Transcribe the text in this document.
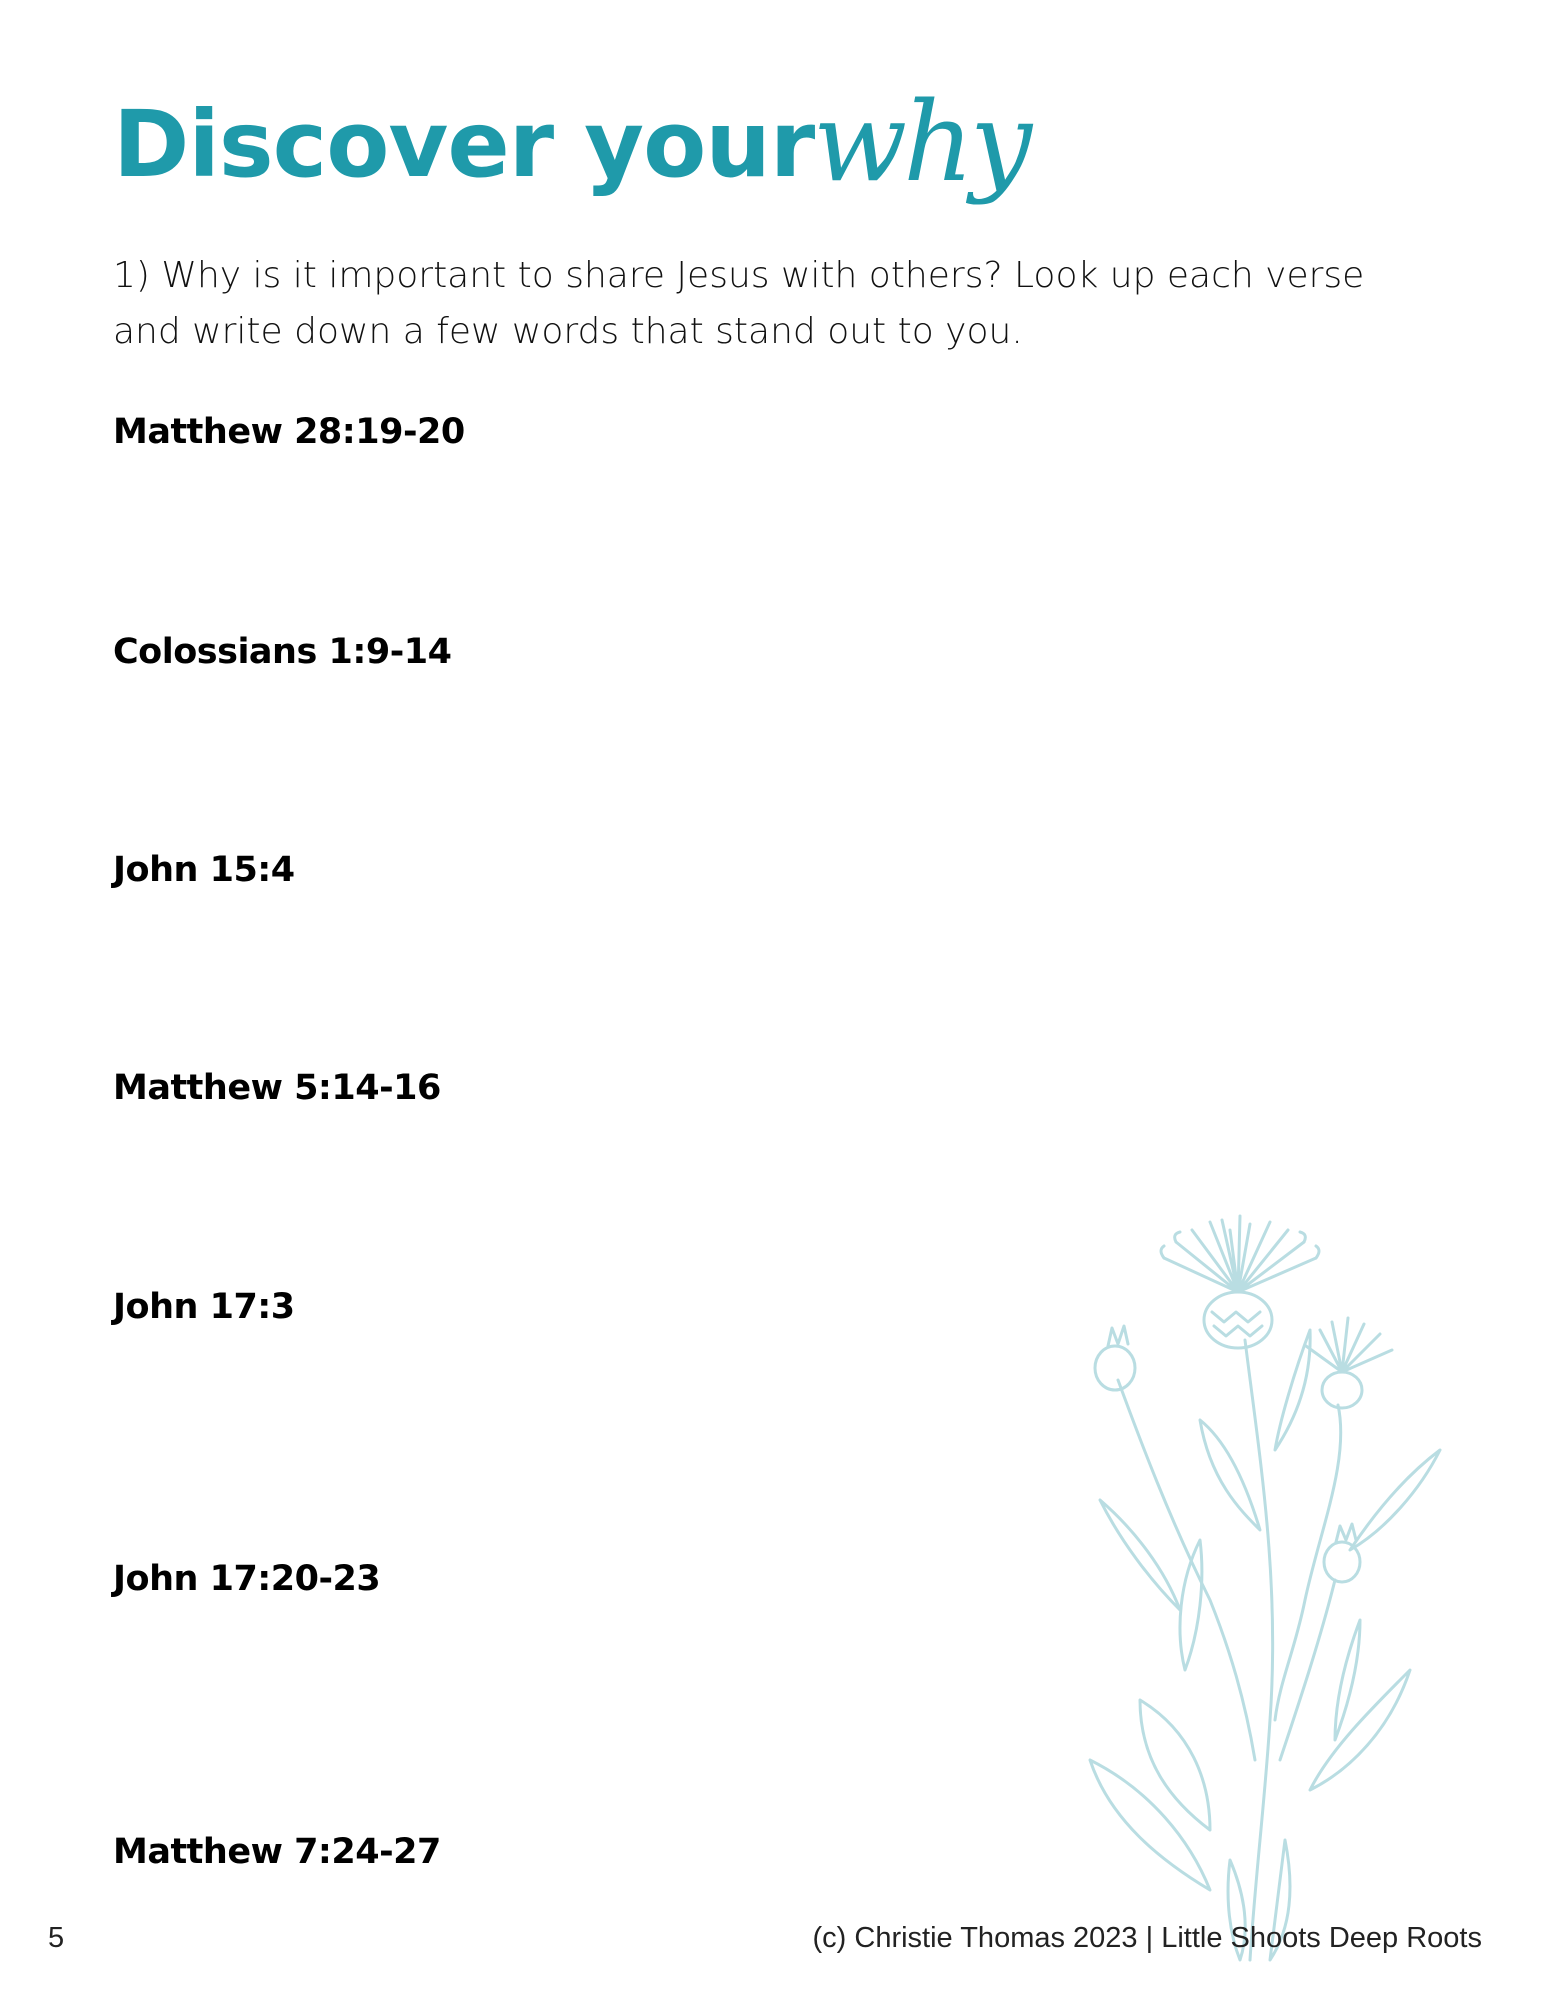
Discover your
why
1) Why is it important to share Jesus with others? Look up each verse and write down a few words that stand out to you.
Matthew 28:19-20
Colossians 1:9-14
John 15:4
Matthew 5:14-16
John 17:3
John 17:20-23
Matthew 7:24-27
5	(c) Christie Thomas 2023 | Little Shoots Deep Roots
